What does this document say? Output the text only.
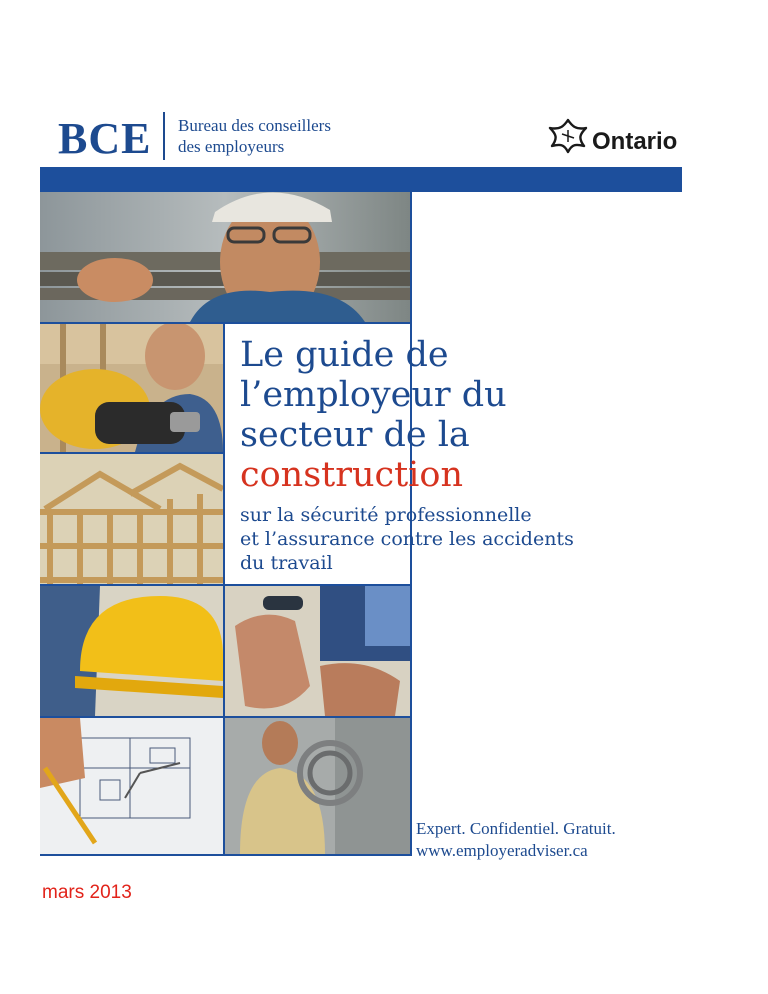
BCE Bureau des conseillers
des employeurs	Ontario
Le guide de
l’employeur du
secteur de la
construction
sur la sécurité professionnelle
et l’assurance contre les accidents
du travail
Expert. Confidentiel. Gratuit.
www.employeradviser.ca
mars 2013
